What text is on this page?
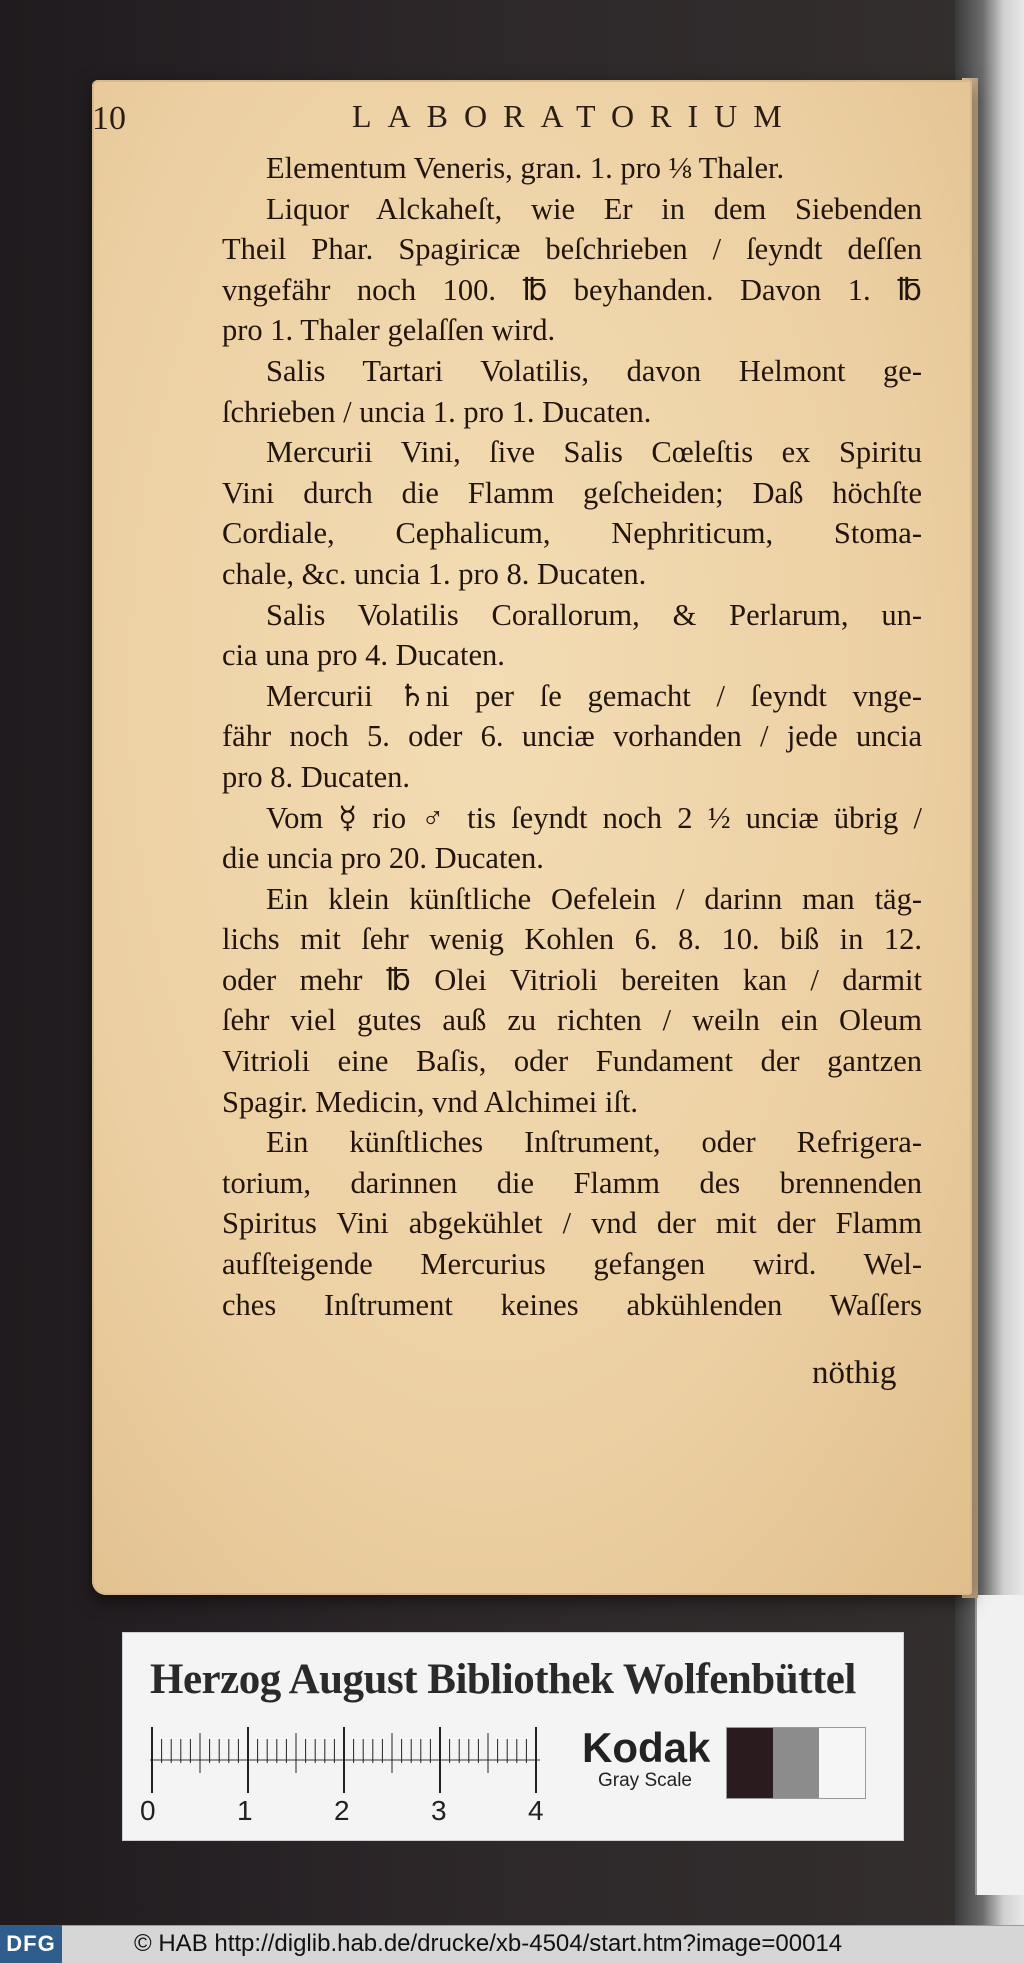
10	LABORATORIUM
Elementum Veneris, gran. 1. pro ⅛ Thaler.
Liquor Alckaheſt, wie Er in dem Siebenden
Theil Phar. Spagiricæ beſchrieben / ſeyndt deſſen
vngefähr noch 100. ℔ beyhanden. Davon 1. ℔
pro 1. Thaler gelaſſen wird.
Salis Tartari Volatilis, davon Helmont ge-
ſchrieben / uncia 1. pro 1. Ducaten.
Mercurii Vini, ſive Salis Cœleſtis ex Spiritu
Vini durch die Flamm geſcheiden; Daß höchſte
Cordiale, Cephalicum, Nephriticum, Stoma-
chale, &c. uncia 1. pro 8. Ducaten.
Salis Volatilis Corallorum, & Perlarum, un-
cia una pro 4. Ducaten.
Mercurii ♄ni per ſe gemacht / ſeyndt vnge-
fähr noch 5. oder 6. unciæ vorhanden / jede uncia
pro 8. Ducaten.
Vom ☿ rio ♂ tis ſeyndt noch 2 ½ unciæ übrig /
die uncia pro 20. Ducaten.
Ein klein künſtliche Oefelein / darinn man täg-
lichs mit ſehr wenig Kohlen 6. 8. 10. biß in 12.
oder mehr ℔ Olei Vitrioli bereiten kan / darmit
ſehr viel gutes auß zu richten / weiln ein Oleum
Vitrioli eine Baſis, oder Fundament der gantzen
Spagir. Medicin, vnd Alchimei iſt.
Ein künſtliches Inſtrument, oder Refrigera-
torium, darinnen die Flamm des brennenden
Spiritus Vini abgekühlet / vnd der mit der Flamm
aufſteigende Mercurius gefangen wird. Wel-
ches Inſtrument keines abkühlenden Waſſers
nöthig
Herzog August Bibliothek Wolfenbüttel
0	1	2	3	4
Kodak
Gray Scale
DFG	© HAB http://diglib.hab.de/drucke/xb-4504/start.htm?image=00014
